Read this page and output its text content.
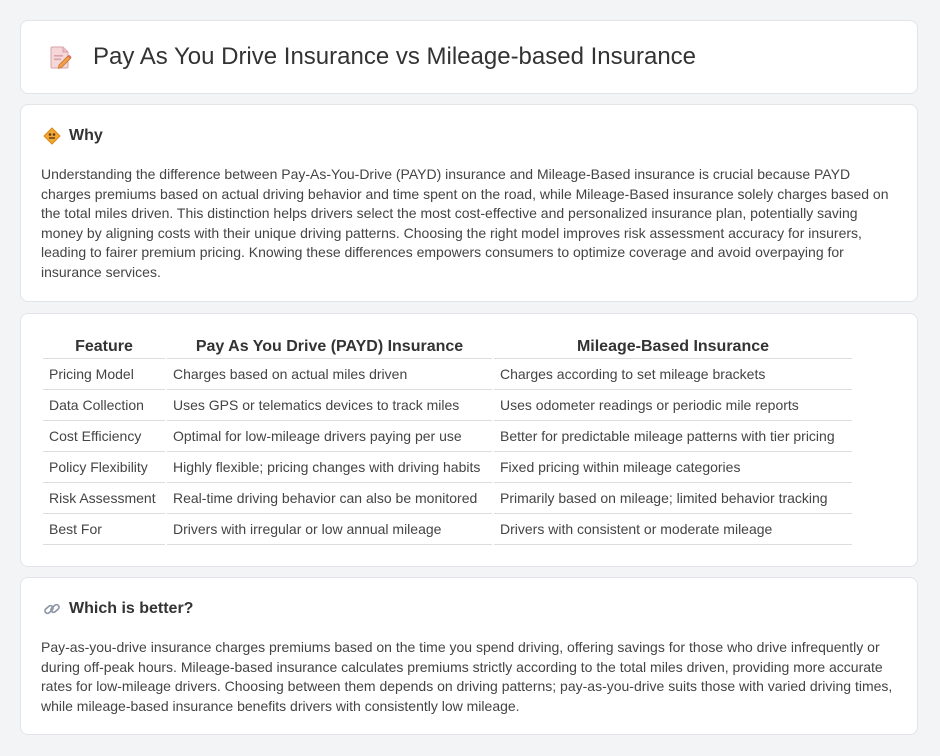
Pay As You Drive Insurance vs Mileage-based Insurance
Why

Understanding the difference between Pay-As-You-Drive (PAYD) insurance and Mileage-Based insurance is crucial because PAYD charges premiums based on actual driving behavior and time spent on the road, while Mileage-Based insurance solely charges based on the total miles driven. This distinction helps drivers select the most cost-effective and personalized insurance plan, potentially saving money by aligning costs with their unique driving patterns. Choosing the right model improves risk assessment accuracy for insurers, leading to fairer premium pricing. Knowing these differences empowers consumers to optimize coverage and avoid overpaying for insurance services.

Feature	Pay As You Drive (PAYD) Insurance	Mileage-Based Insurance
Pricing Model	Charges based on actual miles driven	Charges according to set mileage brackets
Data Collection	Uses GPS or telematics devices to track miles	Uses odometer readings or periodic mile reports
Cost Efficiency	Optimal for low-mileage drivers paying per use	Better for predictable mileage patterns with tier pricing
Policy Flexibility	Highly flexible; pricing changes with driving habits	Fixed pricing within mileage categories
Risk Assessment	Real-time driving behavior can also be monitored	Primarily based on mileage; limited behavior tracking
Best For	Drivers with irregular or low annual mileage	Drivers with consistent or moderate mileage
Which is better?

Pay-as-you-drive insurance charges premiums based on the time you spend driving, offering savings for those who drive infrequently or during off-peak hours. Mileage-based insurance calculates premiums strictly according to the total miles driven, providing more accurate rates for low-mileage drivers. Choosing between them depends on driving patterns; pay-as-you-drive suits those with varied driving times, while mileage-based insurance benefits drivers with consistently low mileage.
